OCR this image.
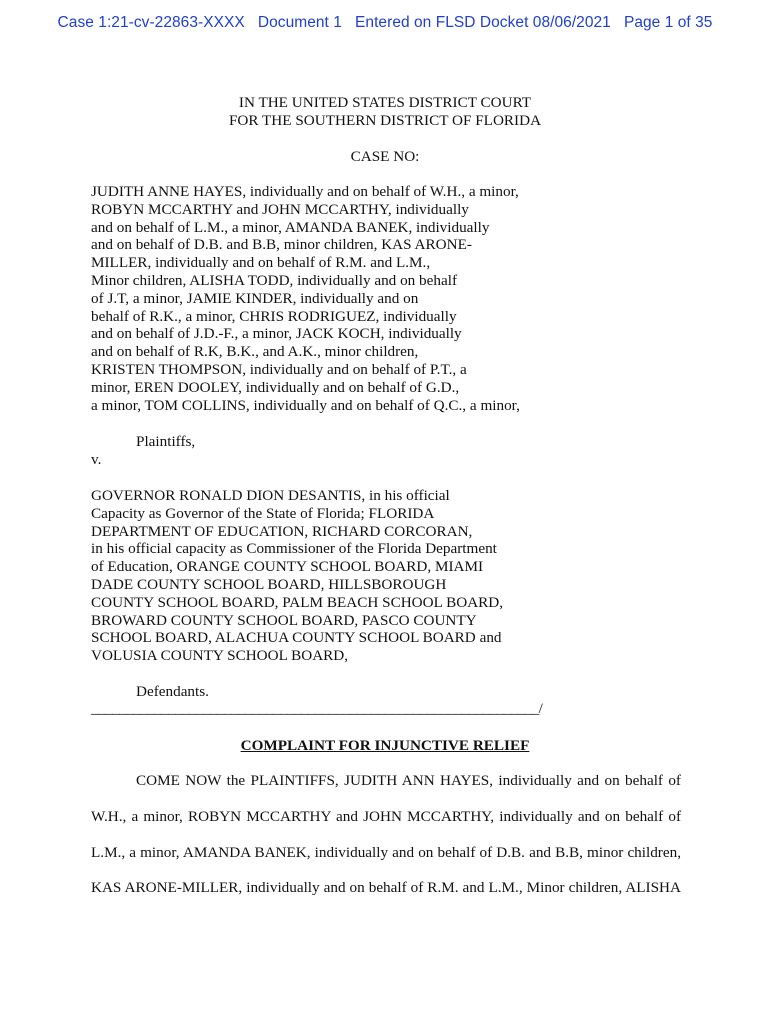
Case 1:21-cv-22863-XXXX Document 1 Entered on FLSD Docket 08/06/2021 Page 1 of 35
IN THE UNITED STATES DISTRICT COURT
FOR THE SOUTHERN DISTRICT OF FLORIDA
CASE NO:
JUDITH ANNE HAYES, individually and on behalf of W.H., a minor,
ROBYN MCCARTHY and JOHN MCCARTHY, individually
and on behalf of L.M., a minor, AMANDA BANEK, individually
and on behalf of D.B. and B.B, minor children, KAS ARONE-
MILLER, individually and on behalf of R.M. and L.M.,
Minor children, ALISHA TODD, individually and on behalf
of J.T, a minor, JAMIE KINDER, individually and on
behalf of R.K., a minor, CHRIS RODRIGUEZ, individually
and on behalf of J.D.-F., a minor, JACK KOCH, individually
and on behalf of R.K, B.K., and A.K., minor children,
KRISTEN THOMPSON, individually and on behalf of P.T., a
minor, EREN DOOLEY, individually and on behalf of G.D.,
a minor, TOM COLLINS, individually and on behalf of Q.C., a minor,
Plaintiffs,
v.
GOVERNOR RONALD DION DESANTIS, in his official
Capacity as Governor of the State of Florida; FLORIDA
DEPARTMENT OF EDUCATION, RICHARD CORCORAN,
in his official capacity as Commissioner of the Florida Department
of Education, ORANGE COUNTY SCHOOL BOARD, MIAMI
DADE COUNTY SCHOOL BOARD, HILLSBOROUGH
COUNTY SCHOOL BOARD, PALM BEACH SCHOOL BOARD,
BROWARD COUNTY SCHOOL BOARD, PASCO COUNTY
SCHOOL BOARD, ALACHUA COUNTY SCHOOL BOARD and
VOLUSIA COUNTY SCHOOL BOARD,
Defendants.
________________________________________________________________/
COMPLAINT FOR INJUNCTIVE RELIEF
COME NOW the PLAINTIFFS, JUDITH ANN HAYES, individually and on behalf of
W.H., a minor, ROBYN MCCARTHY and JOHN MCCARTHY, individually and on behalf of
L.M., a minor, AMANDA BANEK, individually and on behalf of D.B. and B.B, minor children,
KAS ARONE-MILLER, individually and on behalf of R.M. and L.M., Minor children, ALISHA
